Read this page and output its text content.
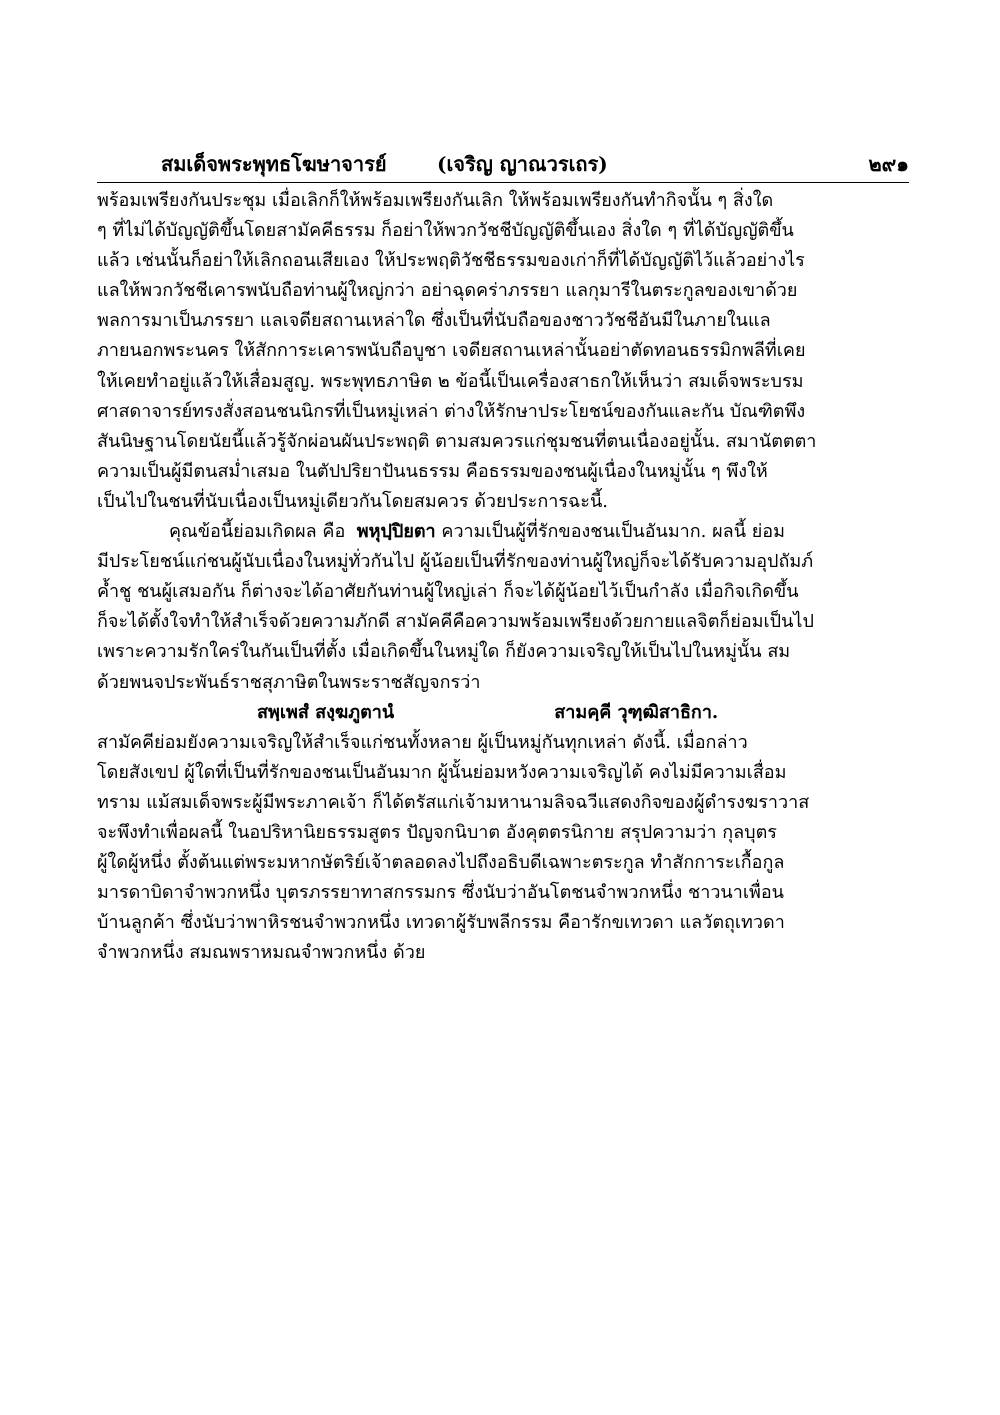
สมเด็จพระพุทธโฆษาจารย์	(เจริญ ญาณวรเถร)	๒๙๑
พร้อมเพรียงกันประชุม เมื่อเลิกก็ให้พร้อมเพรียงกันเลิก ให้พร้อมเพรียงกันทำกิจนั้น ๆ สิ่งใด
ๆ ที่ไม่ได้บัญญัติขึ้นโดยสามัคคีธรรม ก็อย่าให้พวกวัชชีบัญญัติขึ้นเอง สิ่งใด ๆ ที่ได้บัญญัติขึ้น
แล้ว เช่นนั้นก็อย่าให้เลิกถอนเสียเอง ให้ประพฤติวัชชีธรรมของเก่าก็ที่ได้บัญญัติไว้แล้วอย่างไร
แลให้พวกวัชชีเคารพนับถือท่านผู้ใหญ่กว่า อย่าฉุดคร่าภรรยา แลกุมารีในตระกูลของเขาด้วย
พลการมาเป็นภรรยา แลเจดียสถานเหล่าใด ซึ่งเป็นที่นับถือของชาววัชชีอันมีในภายในแล
ภายนอกพระนคร ให้สักการะเคารพนับถือบูชา เจดียสถานเหล่านั้นอย่าตัดทอนธรรมิกพลีที่เคย
ให้เคยทำอยู่แล้วให้เสื่อมสูญ. พระพุทธภาษิต ๒ ข้อนี้เป็นเครื่องสาธกให้เห็นว่า สมเด็จพระบรม
ศาสดาจารย์ทรงสั่งสอนชนนิกรที่เป็นหมู่เหล่า ต่างให้รักษาประโยชน์ของกันและกัน บัณฑิตพึง
สันนิษฐานโดยนัยนี้แล้วรู้จักผ่อนผันประพฤติ ตามสมควรแก่ชุมชนที่ตนเนื่องอยู่นั้น. สมานัตตตา
ความเป็นผู้มีตนสม่ำเสมอ ในตัปปริยาปันนธรรม คือธรรมของชนผู้เนื่องในหมู่นั้น ๆ พึงให้
เป็นไปในชนที่นับเนื่องเป็นหมู่เดียวกันโดยสมควร ด้วยประการฉะนี้.
คุณข้อนี้ย่อมเกิดผล คือ
พหุปฺปิยตา
ความเป็นผู้ที่รักของชนเป็นอันมาก. ผลนี้ ย่อม
มีประโยชน์แก่ชนผู้นับเนื่องในหมู่ทั่วกันไป ผู้น้อยเป็นที่รักของท่านผู้ใหญ่ก็จะได้รับความอุปถัมภ์
ค้ำชู ชนผู้เสมอกัน ก็ต่างจะได้อาศัยกันท่านผู้ใหญ่เล่า ก็จะได้ผู้น้อยไว้เป็นกำลัง เมื่อกิจเกิดขึ้น
ก็จะได้ตั้งใจทำให้สำเร็จด้วยความภักดี สามัคคีคือความพร้อมเพรียงด้วยกายแลจิตก็ย่อมเป็นไป
เพราะความรักใคร่ในกันเป็นที่ตั้ง เมื่อเกิดขึ้นในหมู่ใด ก็ยังความเจริญให้เป็นไปในหมู่นั้น สม
ด้วยพนจประพันธ์ราชสุภาษิตในพระราชสัญจกรว่า
สพฺเพสํ สงฺฆภูตานํ	สามคฺคี วุฑฺฒิสาธิกา.
สามัคคีย่อมยังความเจริญให้สำเร็จแก่ชนทั้งหลาย ผู้เป็นหมู่กันทุกเหล่า ดังนี้. เมื่อกล่าว
โดยสังเขป ผู้ใดที่เป็นที่รักของชนเป็นอันมาก ผู้นั้นย่อมหวังความเจริญได้ คงไม่มีความเสื่อม
ทราม แม้สมเด็จพระผู้มีพระภาคเจ้า ก็ได้ตรัสแก่เจ้ามหานามลิจฉวีแสดงกิจของผู้ดำรงฆราวาส
จะพึงทำเพื่อผลนี้ ในอปริหานิยธรรมสูตร ปัญจกนิบาต อังคุตตรนิกาย สรุปความว่า กุลบุตร
ผู้ใดผู้หนึ่ง ตั้งต้นแต่พระมหากษัตริย์เจ้าตลอดลงไปถึงอธิบดีเฉพาะตระกูล ทำสักการะเกื้อกูล
มารดาบิดาจำพวกหนึ่ง บุตรภรรยาทาสกรรมกร ซึ่งนับว่าอันโตชนจำพวกหนึ่ง ชาวนาเพื่อน
บ้านลูกค้า ซึ่งนับว่าพาหิรชนจำพวกหนึ่ง เทวดาผู้รับพลีกรรม คือารักขเทวดา แลวัตถุเทวดา
จำพวกหนึ่ง สมณพราหมณจำพวกหนึ่ง ด้วย
